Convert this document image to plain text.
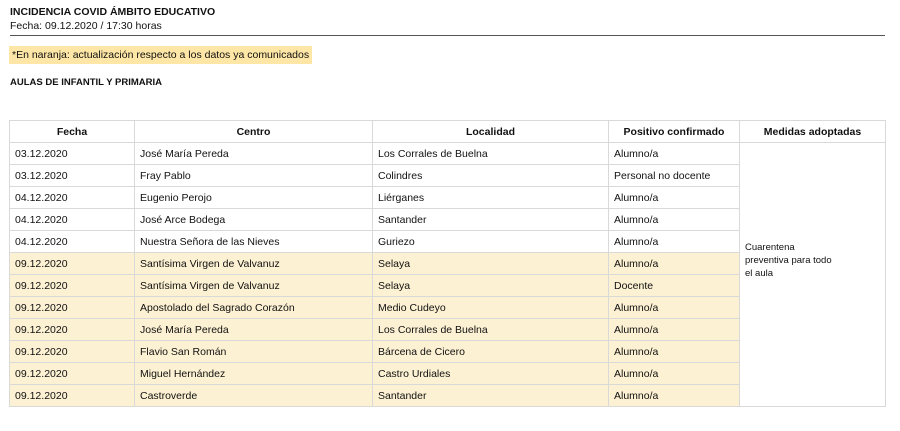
INCIDENCIA COVID ÁMBITO EDUCATIVO
Fecha: 09.12.2020 / 17:30 horas
*En naranja: actualización respecto a los datos ya comunicados
AULAS DE INFANTIL Y PRIMARIA
Fecha	Centro	Localidad	Positivo confirmado	Medidas adoptadas
03.12.2020	José María Pereda	Los Corrales de Buelna	Alumno/a	Cuarentena preventiva para todo el aula

03.12.2020	Fray Pablo	Colindres	Personal no docente	
04.12.2020	Eugenio Perojo	Liérganes	Alumno/a	
04.12.2020	José Arce Bodega	Santander	Alumno/a	
04.12.2020	Nuestra Señora de las Nieves	Guriezo	Alumno/a	
09.12.2020	Santísima Virgen de Valvanuz	Selaya	Alumno/a	
09.12.2020	Santísima Virgen de Valvanuz	Selaya	Docente	
09.12.2020	Apostolado del Sagrado Corazón	Medio Cudeyo	Alumno/a	
09.12.2020	José María Pereda	Los Corrales de Buelna	Alumno/a	
09.12.2020	Flavio San Román	Bárcena de Cicero	Alumno/a	
09.12.2020	Miguel Hernández	Castro Urdiales	Alumno/a	
09.12.2020	Castroverde	Santander	Alumno/a	
